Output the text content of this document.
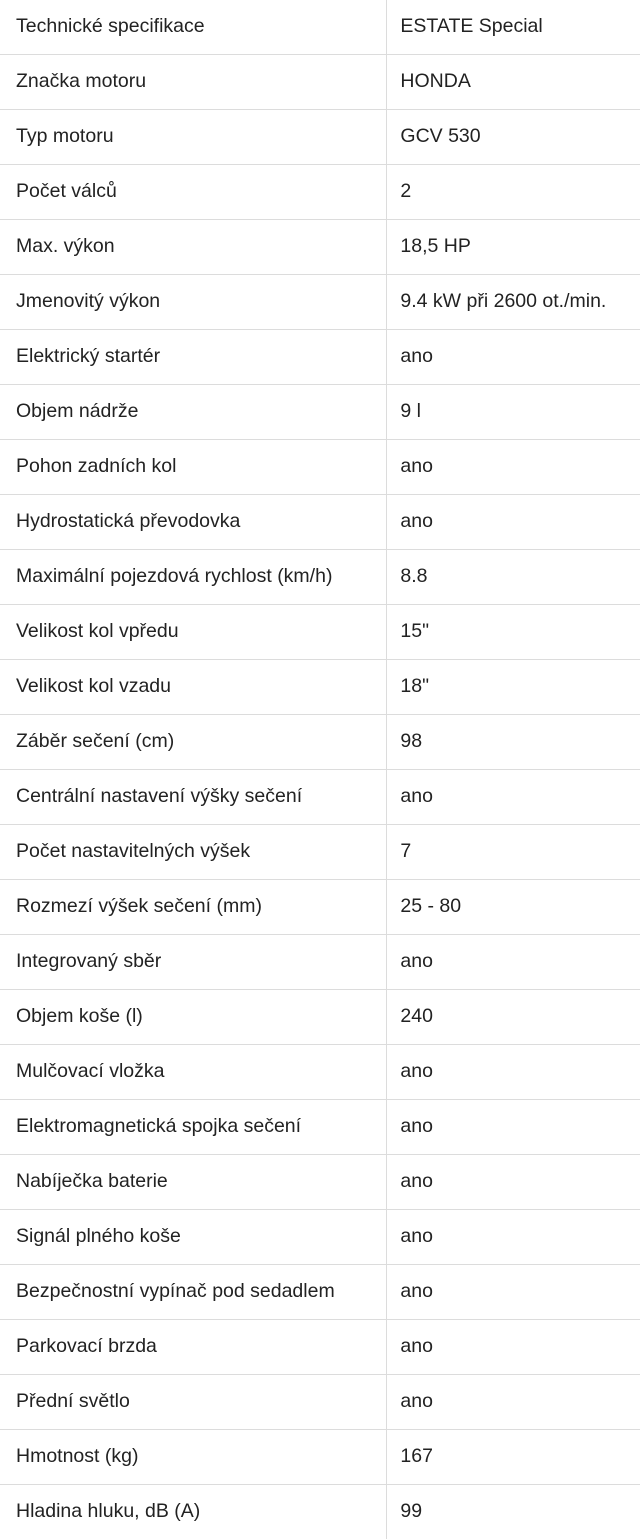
Technické specifikace	ESTATE Special
Značka motoru	HONDA
Typ motoru	GCV 530
Počet válců	2
Max. výkon	18,5 HP
Jmenovitý výkon	9.4 kW při 2600 ot./min.
Elektrický startér	ano
Objem nádrže	9 l
Pohon zadních kol	ano
Hydrostatická převodovka	ano
Maximální pojezdová rychlost (km/h)	8.8
Velikost kol vpředu	15"
Velikost kol vzadu	18"
Záběr sečení (cm)	98
Centrální nastavení výšky sečení	ano
Počet nastavitelných výšek	7
Rozmezí výšek sečení (mm)	25 - 80
Integrovaný sběr	ano
Objem koše (l)	240
Mulčovací vložka	ano
Elektromagnetická spojka sečení	ano
Nabíječka baterie	ano
Signál plného koše	ano
Bezpečnostní vypínač pod sedadlem	ano
Parkovací brzda	ano
Přední světlo	ano
Hmotnost (kg)	167
Hladina hluku, dB (A)	99
